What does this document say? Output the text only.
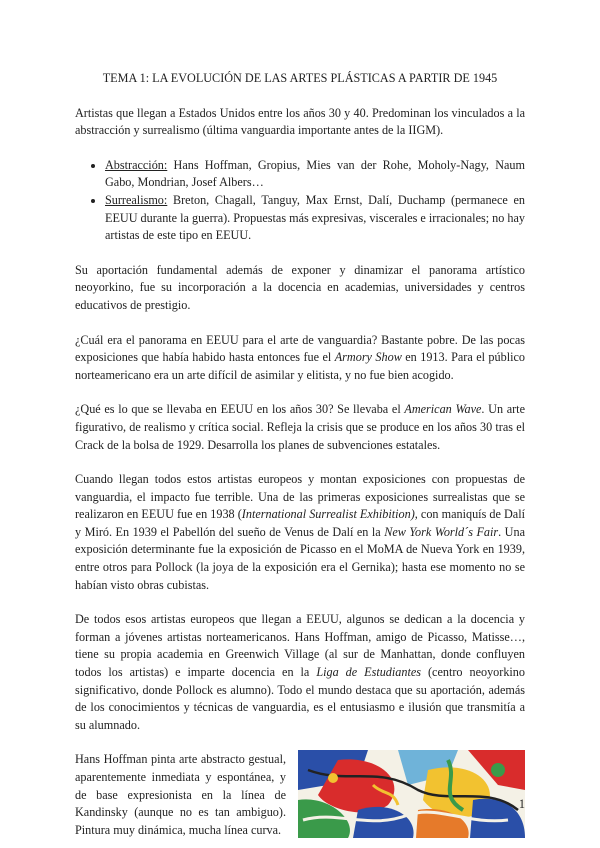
TEMA 1: LA EVOLUCIÓN DE LAS ARTES PLÁSTICAS A PARTIR DE 1945

Artistas que llegan a Estados Unidos entre los años 30 y 40. Predominan los vinculados a la abstracción y surrealismo (última vanguardia importante antes de la IIGM).

• Abstracción: Hans Hoffman, Gropius, Mies van der Rohe, Moholy-Nagy, Naum Gabo, Mondrian, Josef Albers…
• Surrealismo: Breton, Chagall, Tanguy, Max Ernst, Dalí, Duchamp (permanece en EEUU durante la guerra). Propuestas más expresivas, viscerales e irracionales; no hay artistas de este tipo en EEUU.

Su aportación fundamental además de exponer y dinamizar el panorama artístico neoyorkino, fue su incorporación a la docencia en academias, universidades y centros educativos de prestigio.

¿Cuál era el panorama en EEUU para el arte de vanguardia? Bastante pobre. De las pocas exposiciones que había habido hasta entonces fue el Armory Show en 1913. Para el público norteamericano era un arte difícil de asimilar y elitista, y no fue bien acogido.

¿Qué es lo que se llevaba en EEUU en los años 30? Se llevaba el American Wave. Un arte figurativo, de realismo y crítica social. Refleja la crisis que se produce en los años 30 tras el Crack de la bolsa de 1929. Desarrolla los planes de subvenciones estatales.

Cuando llegan todos estos artistas europeos y montan exposiciones con propuestas de vanguardia, el impacto fue terrible. Una de las primeras exposiciones surrealistas que se realizaron en EEUU fue en 1938 (International Surrealist Exhibition), con maniquís de Dalí y Miró. En 1939 el Pabellón del sueño de Venus de Dalí en la New York World´s Fair. Una exposición determinante fue la exposición de Picasso en el MoMA de Nueva York en 1939, entre otros para Pollock (la joya de la exposición era el Gernika); hasta ese momento no se habían visto obras cubistas.

De todos esos artistas europeos que llegan a EEUU, algunos se dedican a la docencia y forman a jóvenes artistas norteamericanos. Hans Hoffman, amigo de Picasso, Matisse…, tiene su propia academia en Greenwich Village (al sur de Manhattan, donde confluyen todos los artistas) e imparte docencia en la Liga de Estudiantes (centro neoyorkino significativo, donde Pollock es alumno). Todo el mundo destaca que su aportación, además de los conocimientos y técnicas de vanguardia, es el entusiasmo e ilusión que transmitía a su alumnado.

Hans Hoffman pinta arte abstracto gestual, aparentemente inmediata y espontánea, y de base expresionista en la línea de Kandinsky (aunque no es tan ambiguo). Pintura muy dinámica, mucha línea curva.

1
